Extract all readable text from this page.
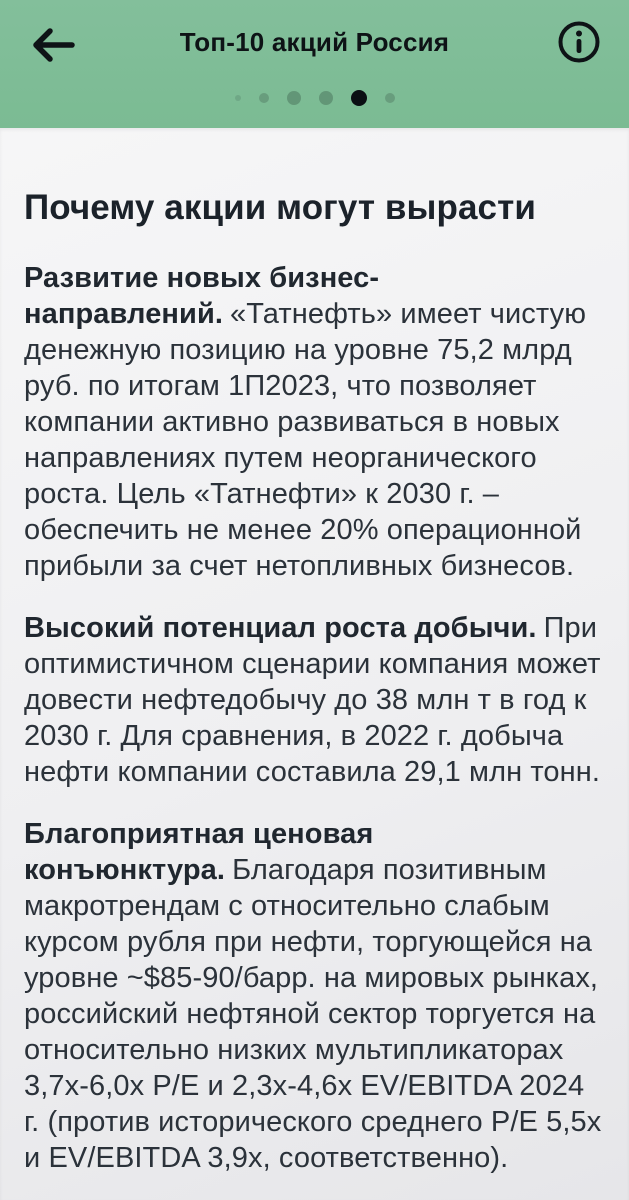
Топ-10 акций Россия
Почему акции могут вырасти

Развитие новых бизнес-направлений. «Татнефть» имеет чистую денежную позицию на уровне 75,2 млрд руб. по итогам 1П2023, что позволяет компании активно развиваться в новых направлениях путем неорганического роста. Цель «Татнефти» к 2030 г. – обеспечить не менее 20% операционной прибыли за счет нетопливных бизнесов.

Высокий потенциал роста добычи. При оптимистичном сценарии компания может довести нефтедобычу до 38 млн т в год к 2030 г. Для сравнения, в 2022 г. добыча нефти компании составила 29,1 млн тонн.

Благоприятная ценовая конъюнктура. Благодаря позитивным макротрендам с относительно слабым курсом рубля при нефти, торгующейся на уровне ~$85-90/барр. на мировых рынках, российский нефтяной сектор торгуется на относительно низких мультипликаторах 3,7x-6,0x P/E и 2,3x-4,6x EV/EBITDA 2024 г. (против исторического среднего P/E 5,5x и EV/EBITDA 3,9x, соответственно).
